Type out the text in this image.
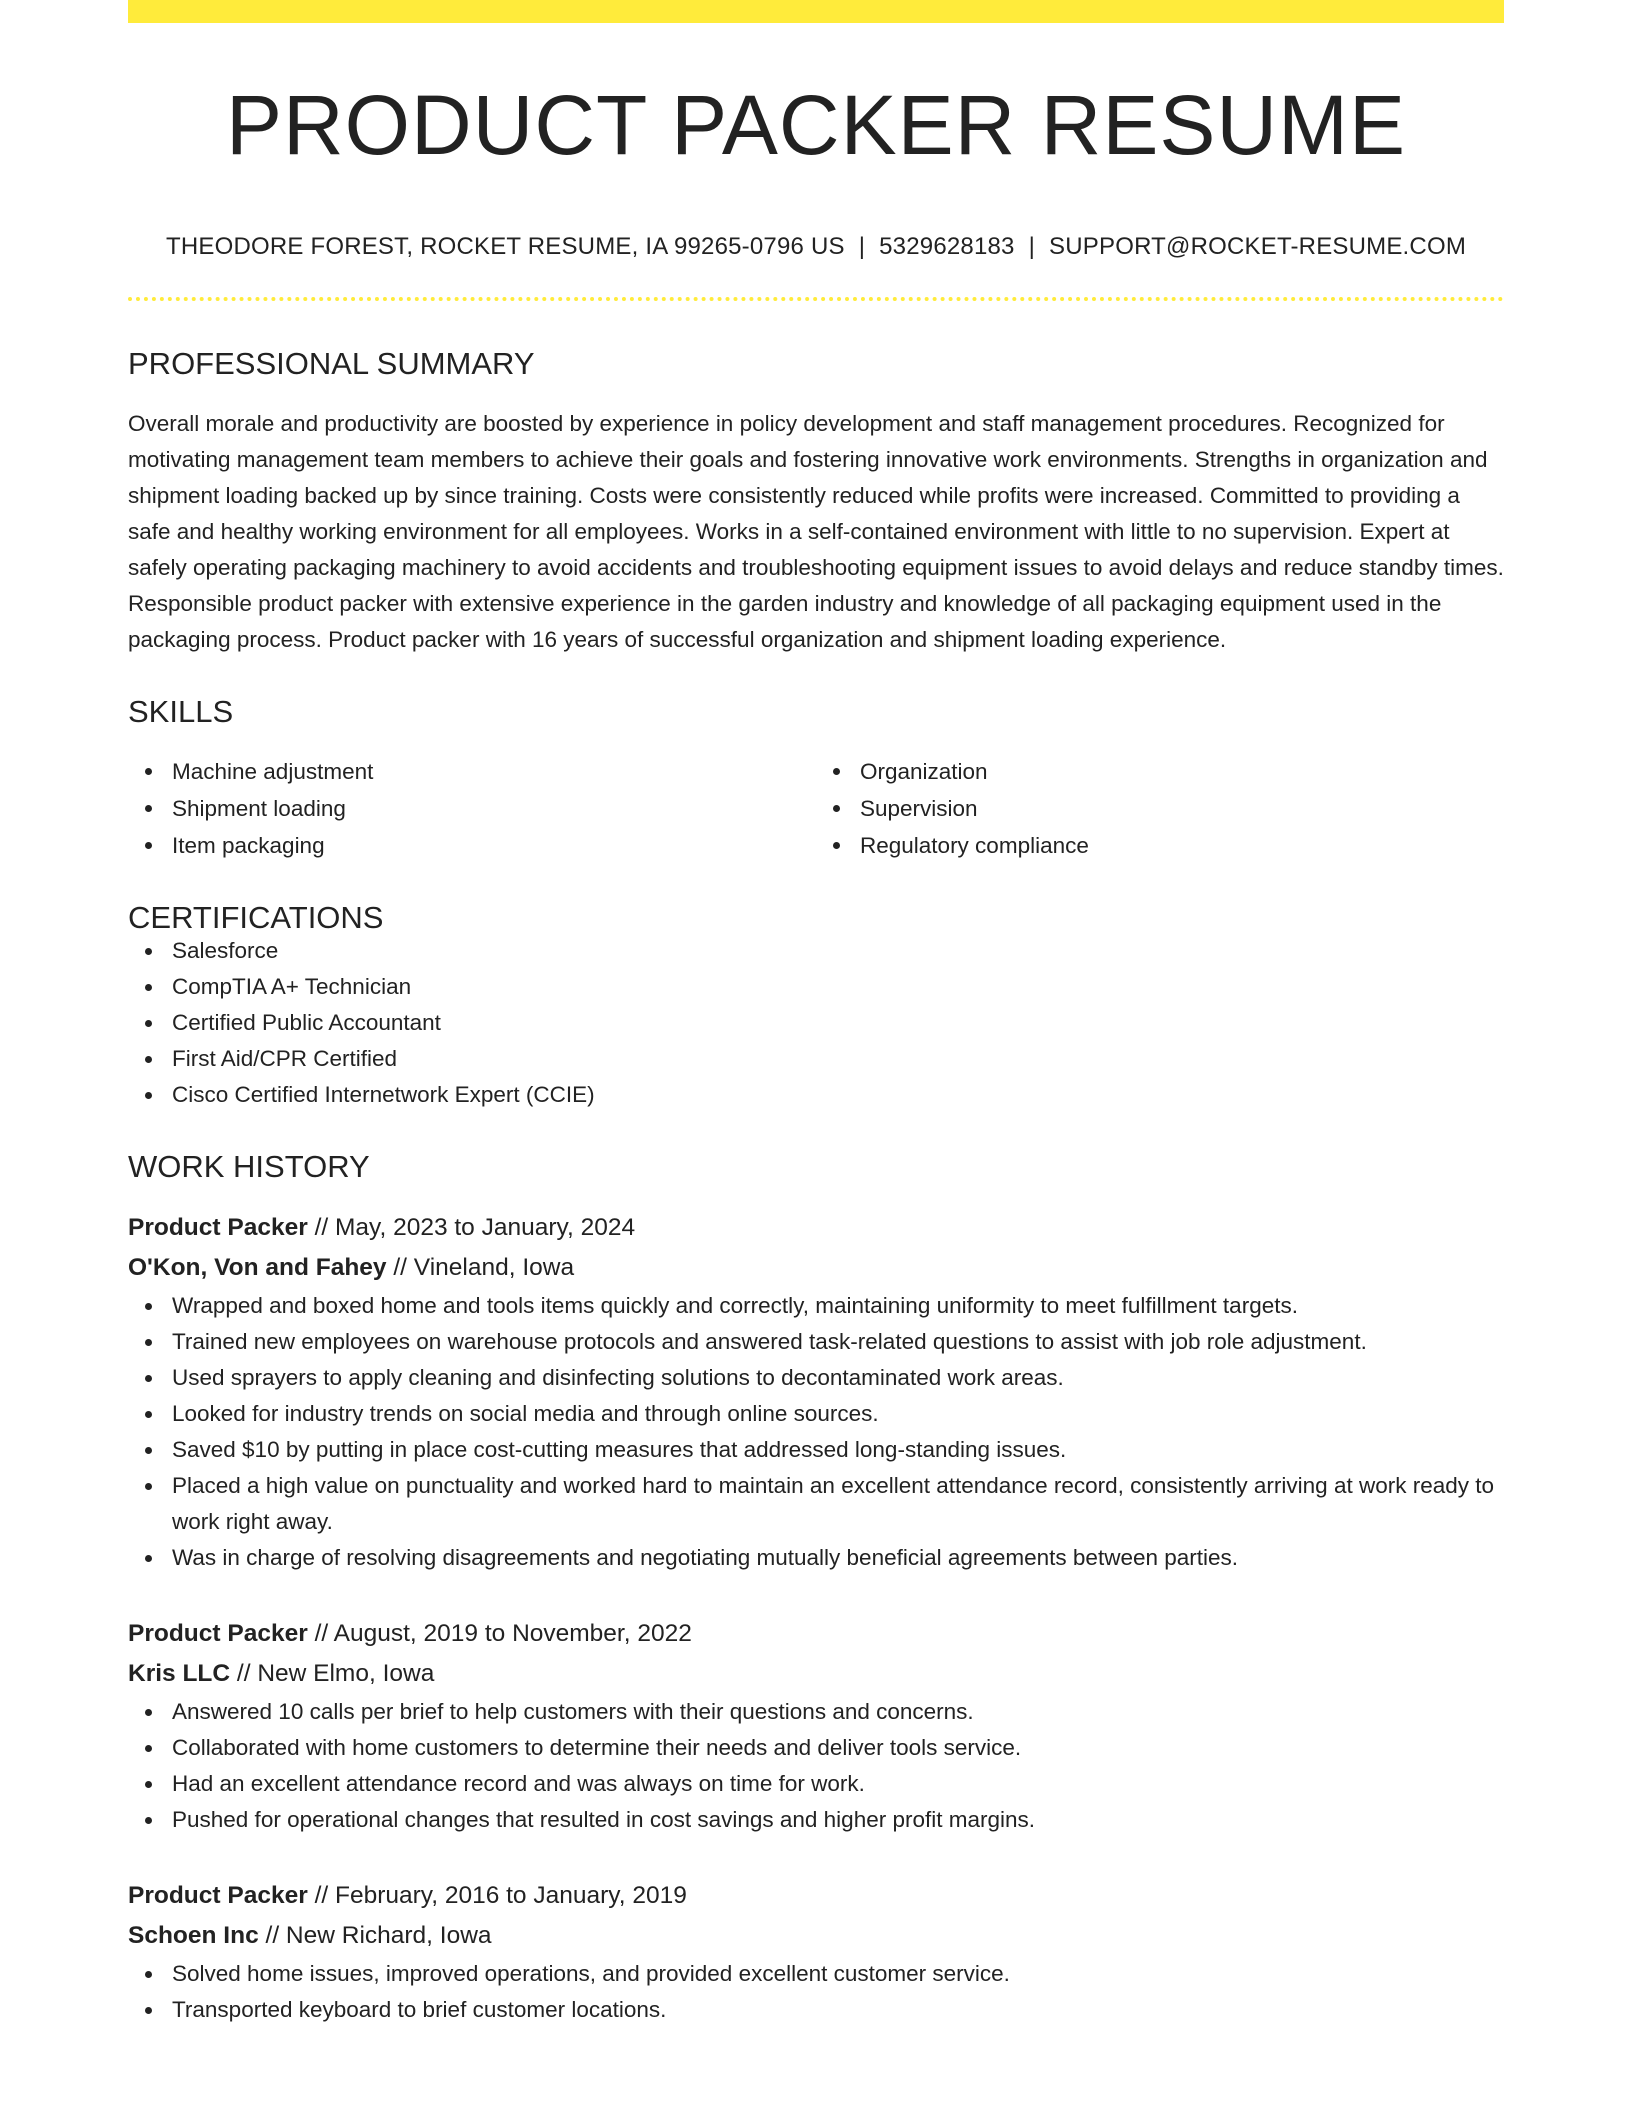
PRODUCT PACKER RESUME
THEODORE FOREST, ROCKET RESUME, IA 99265-0796 US | 5329628183 | SUPPORT@ROCKET-RESUME.COM
PROFESSIONAL SUMMARY
Overall morale and productivity are boosted by experience in policy development and staff management procedures. Recognized for motivating management team members to achieve their goals and fostering innovative work environments. Strengths in organization and shipment loading backed up by since training. Costs were consistently reduced while profits were increased. Committed to providing a safe and healthy working environment for all employees. Works in a self-contained environment with little to no supervision. Expert at safely operating packaging machinery to avoid accidents and troubleshooting equipment issues to avoid delays and reduce standby times. Responsible product packer with extensive experience in the garden industry and knowledge of all packaging equipment used in the packaging process. Product packer with 16 years of successful organization and shipment loading experience.
SKILLS
Machine adjustment
Shipment loading
Item packaging
Organization
Supervision
Regulatory compliance
CERTIFICATIONS
Salesforce
CompTIA A+ Technician
Certified Public Accountant
First Aid/CPR Certified
Cisco Certified Internetwork Expert (CCIE)
WORK HISTORY
Product Packer // May, 2023 to January, 2024
O'Kon, Von and Fahey // Vineland, Iowa
Wrapped and boxed home and tools items quickly and correctly, maintaining uniformity to meet fulfillment targets.
Trained new employees on warehouse protocols and answered task-related questions to assist with job role adjustment.
Used sprayers to apply cleaning and disinfecting solutions to decontaminated work areas.
Looked for industry trends on social media and through online sources.
Saved $10 by putting in place cost-cutting measures that addressed long-standing issues.
Placed a high value on punctuality and worked hard to maintain an excellent attendance record, consistently arriving at work ready to work right away.
Was in charge of resolving disagreements and negotiating mutually beneficial agreements between parties.
Product Packer // August, 2019 to November, 2022
Kris LLC // New Elmo, Iowa
Answered 10 calls per brief to help customers with their questions and concerns.
Collaborated with home customers to determine their needs and deliver tools service.
Had an excellent attendance record and was always on time for work.
Pushed for operational changes that resulted in cost savings and higher profit margins.
Product Packer // February, 2016 to January, 2019
Schoen Inc // New Richard, Iowa
Solved home issues, improved operations, and provided excellent customer service.
Transported keyboard to brief customer locations.
